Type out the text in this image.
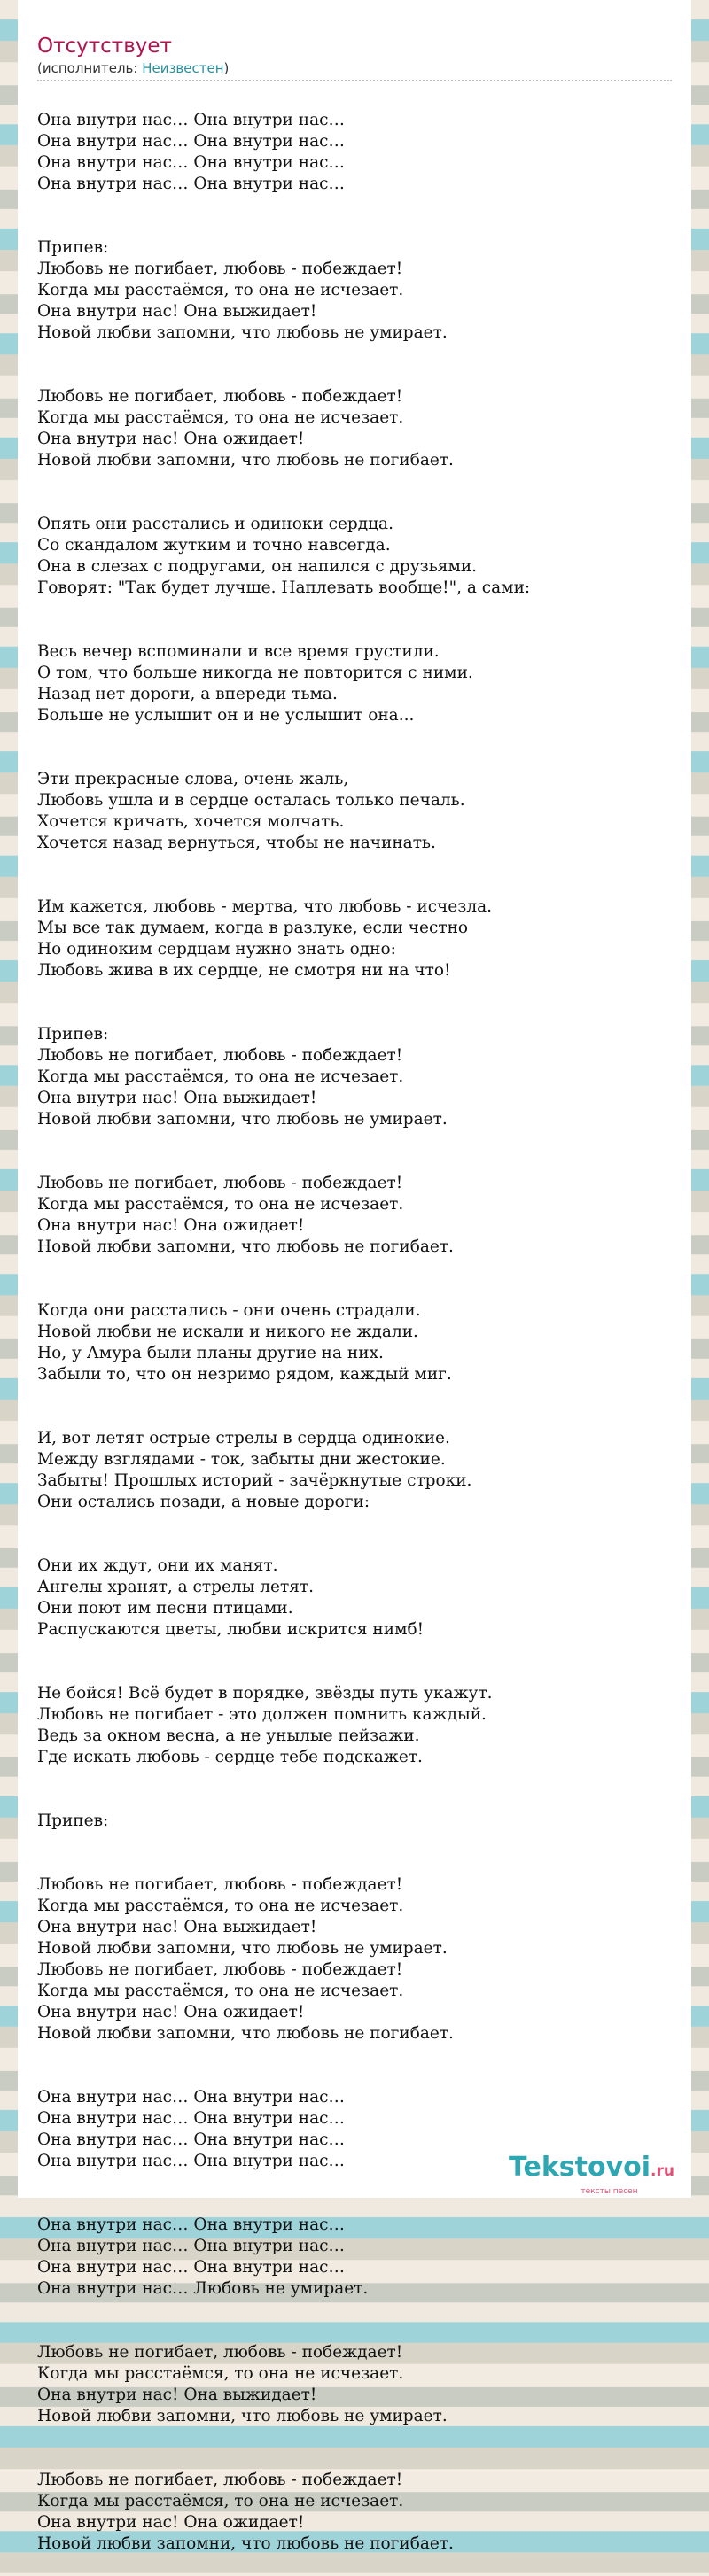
Отсутствует
(исполнитель: Неизвестен)

Она внутри нас… Она внутри нас…
Она внутри нас… Она внутри нас…
Она внутри нас… Она внутри нас…
Она внутри нас… Она внутри нас…

Припев:
Любовь не погибает, любовь - побеждает!
Когда мы расстаёмся, то она не исчезает.
Она внутри нас! Она выжидает!
Новой любви запомни, что любовь не умирает.

Любовь не погибает, любовь - побеждает!
Когда мы расстаёмся, то она не исчезает.
Она внутри нас! Она ожидает!
Новой любви запомни, что любовь не погибает.

Опять они расстались и одиноки сердца.
Со скандалом жутким и точно навсегда.
Она в слезах с подругами, он напился с друзьями.
Говорят: "Так будет лучше. Наплевать вообще!", а сами:

Весь вечер вспоминали и все время грустили.
О том, что больше никогда не повторится с ними.
Назад нет дороги, а впереди тьма.
Больше не услышит он и не услышит она...

Эти прекрасные слова, очень жаль,
Любовь ушла и в сердце осталась только печаль.
Хочется кричать, хочется молчать.
Хочется назад вернуться, чтобы не начинать.

Им кажется, любовь - мертва, что любовь - исчезла.
Мы все так думаем, когда в разлуке, если честно
Но одиноким сердцам нужно знать одно:
Любовь жива в их сердце, не смотря ни на что!

Припев:
Любовь не погибает, любовь - побеждает!
Когда мы расстаёмся, то она не исчезает.
Она внутри нас! Она выжидает!
Новой любви запомни, что любовь не умирает.

Любовь не погибает, любовь - побеждает!
Когда мы расстаёмся, то она не исчезает.
Она внутри нас! Она ожидает!
Новой любви запомни, что любовь не погибает.

Когда они расстались - они очень страдали.
Новой любви не искали и никого не ждали.
Но, у Амура были планы другие на них.
Забыли то, что он незримо рядом, каждый миг.

И, вот летят острые стрелы в сердца одинокие.
Между взглядами - ток, забыты дни жестокие.
Забыты! Прошлых историй - зачёркнутые строки.
Они остались позади, а новые дороги:

Они их ждут, они их манят.
Ангелы хранят, а стрелы летят.
Они поют им песни птицами.
Распускаются цветы, любви искрится нимб!

Не бойся! Всё будет в порядке, звёзды путь укажут.
Любовь не погибает - это должен помнить каждый.
Ведь за окном весна, а не унылые пейзажи.
Где искать любовь - сердце тебе подскажет.

Припев:

Любовь не погибает, любовь - побеждает!
Когда мы расстаёмся, то она не исчезает.
Она внутри нас! Она выжидает!
Новой любви запомни, что любовь не умирает.
Любовь не погибает, любовь - побеждает!
Когда мы расстаёмся, то она не исчезает.
Она внутри нас! Она ожидает!
Новой любви запомни, что любовь не погибает.

Она внутри нас… Она внутри нас…
Она внутри нас… Она внутри нас…
Она внутри нас… Она внутри нас…
Она внутри нас… Она внутри нас…

Она внутри нас… Она внутри нас…
Она внутри нас… Она внутри нас…
Она внутри нас… Она внутри нас…
Она внутри нас… Любовь не умирает.

Любовь не погибает, любовь - побеждает!
Когда мы расстаёмся, то она не исчезает.
Она внутри нас! Она выжидает!
Новой любви запомни, что любовь не умирает.

Любовь не погибает, любовь - побеждает!
Когда мы расстаёмся, то она не исчезает.
Она внутри нас! Она ожидает!
Новой любви запомни, что любовь не погибает.

Tekstovoi.ru
тексты песен
